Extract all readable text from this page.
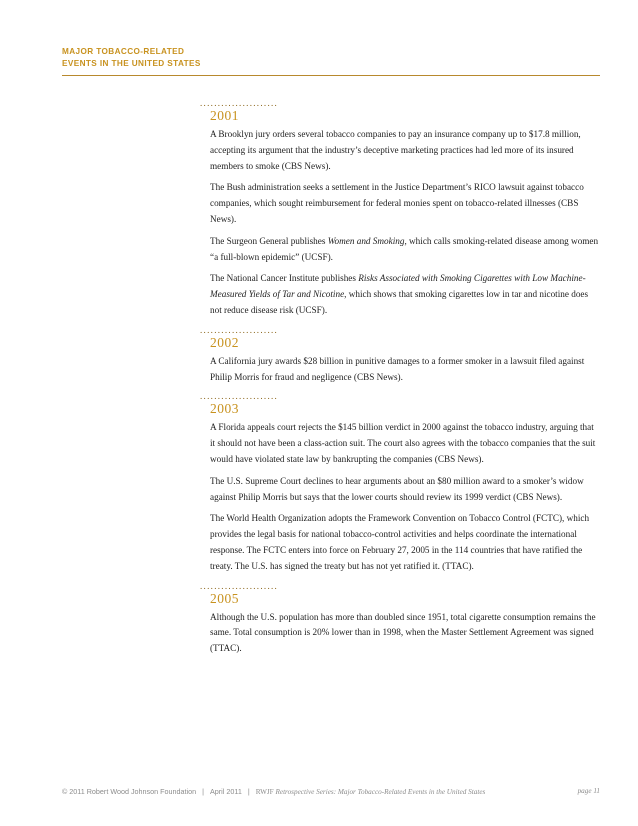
MAJOR TOBACCO-RELATED
EVENTS IN THE UNITED STATES
......................
2001

A Brooklyn jury orders several tobacco companies to pay an insurance company up to $17.8 million, accepting its argument that the industry’s deceptive marketing practices had led more of its insured members to smoke (CBS News).

The Bush administration seeks a settlement in the Justice Department’s RICO lawsuit against tobacco companies, which sought reimbursement for federal monies spent on tobacco-related illnesses (CBS News).

The Surgeon General publishes Women and Smoking, which calls smoking-related disease among women “a full-blown epidemic” (UCSF).

The National Cancer Institute publishes Risks Associated with Smoking Cigarettes with Low Machine-Measured Yields of Tar and Nicotine, which shows that smoking cigarettes low in tar and nicotine does not reduce disease risk (UCSF).

......................
2002

A California jury awards $28 billion in punitive damages to a former smoker in a lawsuit filed against Philip Morris for fraud and negligence (CBS News).

......................
2003

A Florida appeals court rejects the $145 billion verdict in 2000 against the tobacco industry, arguing that it should not have been a class-action suit. The court also agrees with the tobacco companies that the suit would have violated state law by bankrupting the companies (CBS News).

The U.S. Supreme Court declines to hear arguments about an $80 million award to a smoker’s widow against Philip Morris but says that the lower courts should review its 1999 verdict (CBS News).

The World Health Organization adopts the Framework Convention on Tobacco Control (FCTC), which provides the legal basis for national tobacco-control activities and helps coordinate the international response. The FCTC enters into force on February 27, 2005 in the 114 countries that have ratified the treaty. The U.S. has signed the treaty but has not yet ratified it. (TTAC).

......................
2005

Although the U.S. population has more than doubled since 1951, total cigarette consumption remains the same. Total consumption is 20% lower than in 1998, when the Master Settlement Agreement was signed (TTAC).

© 2011 Robert Wood Johnson Foundation | April 2011 | RWJF Retrospective Series: Major Tobacco-Related Events in the United States	page 11
